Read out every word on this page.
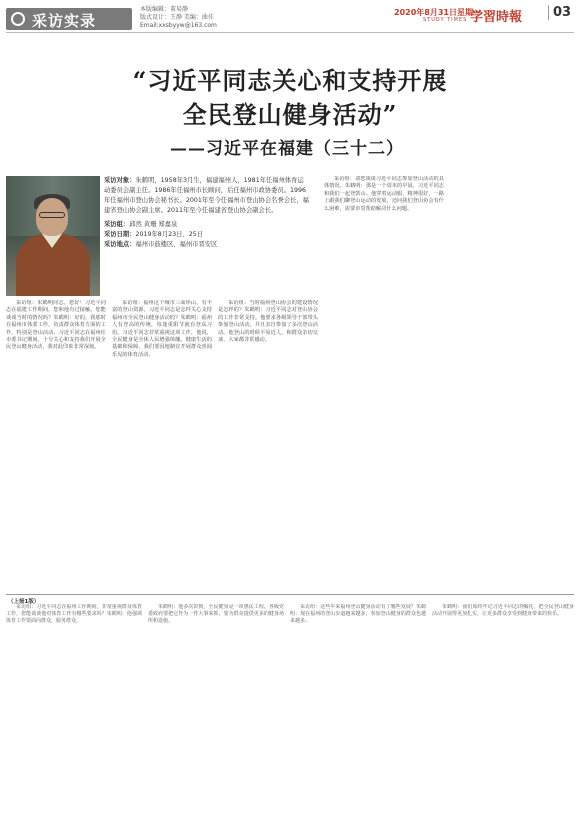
采访实录
本版编辑：董易静
版式设计：王静 美编：曲佳
Email:xxsbyyw@163.com
2020年8月31日星期一
STUDY TIMES 学習時報	03
“习近平同志关心和支持开展
全民登山健身活动”
——习近平在福建（三十二）
采访对象：朱鹤明，1958年3月生，福建福州人，1981年任福州体育运动委员会副主任。1986年任福州市长顾问，后任福州市政协委员。1996年任福州市登山协会秘书长。2001年至今任福州市登山协会名誉会长，福建省登山协会副主席。2011年至今任福建省登山协会副会长。
采访组：邱然 黄珊 郑嘉泉
采访日期：2019年8月23日、25日
采访地点：福州市鼓楼区、福州市晋安区

采访组：朱鹤明同志，您好！习近平同志在福建工作期间，您和他有过接触。您能谈谈当时的情况吗？朱鹤明：好的。我那时在福州市体委工作，负责群众体育方面的工作，特别是登山活动。习近平同志在福州任市委书记期间，十分关心和支持我们开展全民登山健身活动，我对此印象非常深刻。

采访组：福州这个城市三面环山，有丰富的登山资源，习近平同志是怎样关心支持福州市全民登山健身活动的？朱鹤明：福州人有登高的传统，每逢重阳节就有登高习俗。习近平同志非常重视这项工作，他说，全民健身是全体人民增强体魄、健康生活的基础和保障，我们要因地制宜开展群众喜闻乐见的体育活动。

采访组：当时福州登山协会的建设情况是怎样的？朱鹤明：习近平同志对登山协会的工作非常支持。他要求各级领导干部带头参加登山活动，并且亲自参加了多次登山活动。他登山的时候平易近人，和群众亲切交谈，大家都非常感动。

采访组：请您谈谈习近平同志参加登山活动的具体情况。朱鹤明：那是一个周末的早晨，习近平同志和我们一起登鼓山。他穿着运动服，精神很好，一路上跟我们聊登山运动的发展，还问我们登山协会有什么困难，需要市里帮助解决什么问题。

（上接1版）

采访组：习近平同志在福州工作期间，非常重视群众体育工作，您能谈谈他对体育工作有哪些要求吗？朱鹤明：他强调体育工作要面向群众，服务群众。

朱鹤明：他多次讲到，全民健身是一项惠民工程，各级党委政府要把它作为一件大事来抓，要为群众提供更多的健身场所和设施。

采访组：这些年来福州登山健身活动有了哪些发展？朱鹤明：现在福州的登山步道越来越多，参加登山健身的群众也越来越多。

朱鹤明：我们始终牢记习近平同志的嘱托，把全民登山健身活动开展得更加扎实，让更多群众享受到健身带来的快乐。
